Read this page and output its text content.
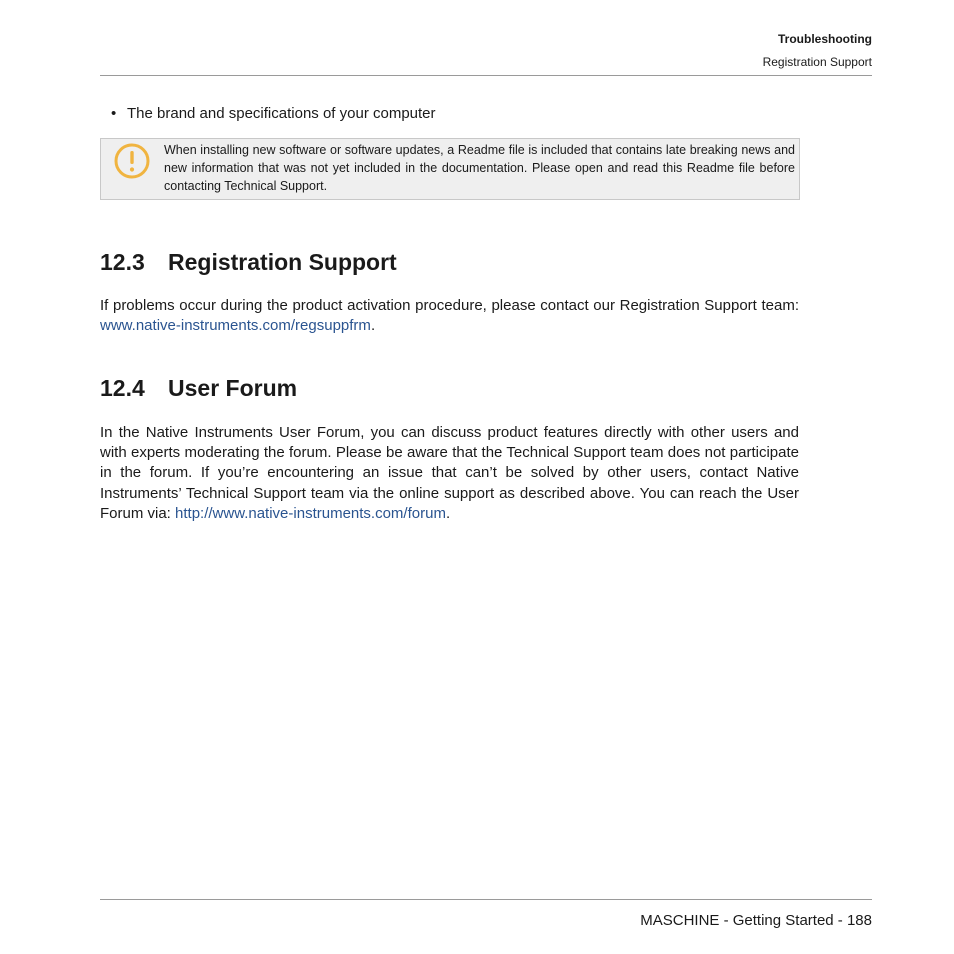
Troubleshooting
Registration Support
• The brand and specifications of your computer
When installing new software or software updates, a Readme file is included that contains late breaking news and new information that was not yet included in the documentation. Please open and read this Readme file before contacting Technical Support.
12.3 Registration Support
If problems occur during the product activation procedure, please contact our Registration Support team: www.native-instruments.com/regsuppfrm.
12.4 User Forum
In the Native Instruments User Forum, you can discuss product features directly with other users and with experts moderating the forum. Please be aware that the Technical Support team does not participate in the forum. If you’re encountering an issue that can’t be solved by other users, contact Native Instruments’ Technical Support team via the online support as described above. You can reach the User Forum via: http://www.native-instruments.com/forum.
MASCHINE - Getting Started - 188
